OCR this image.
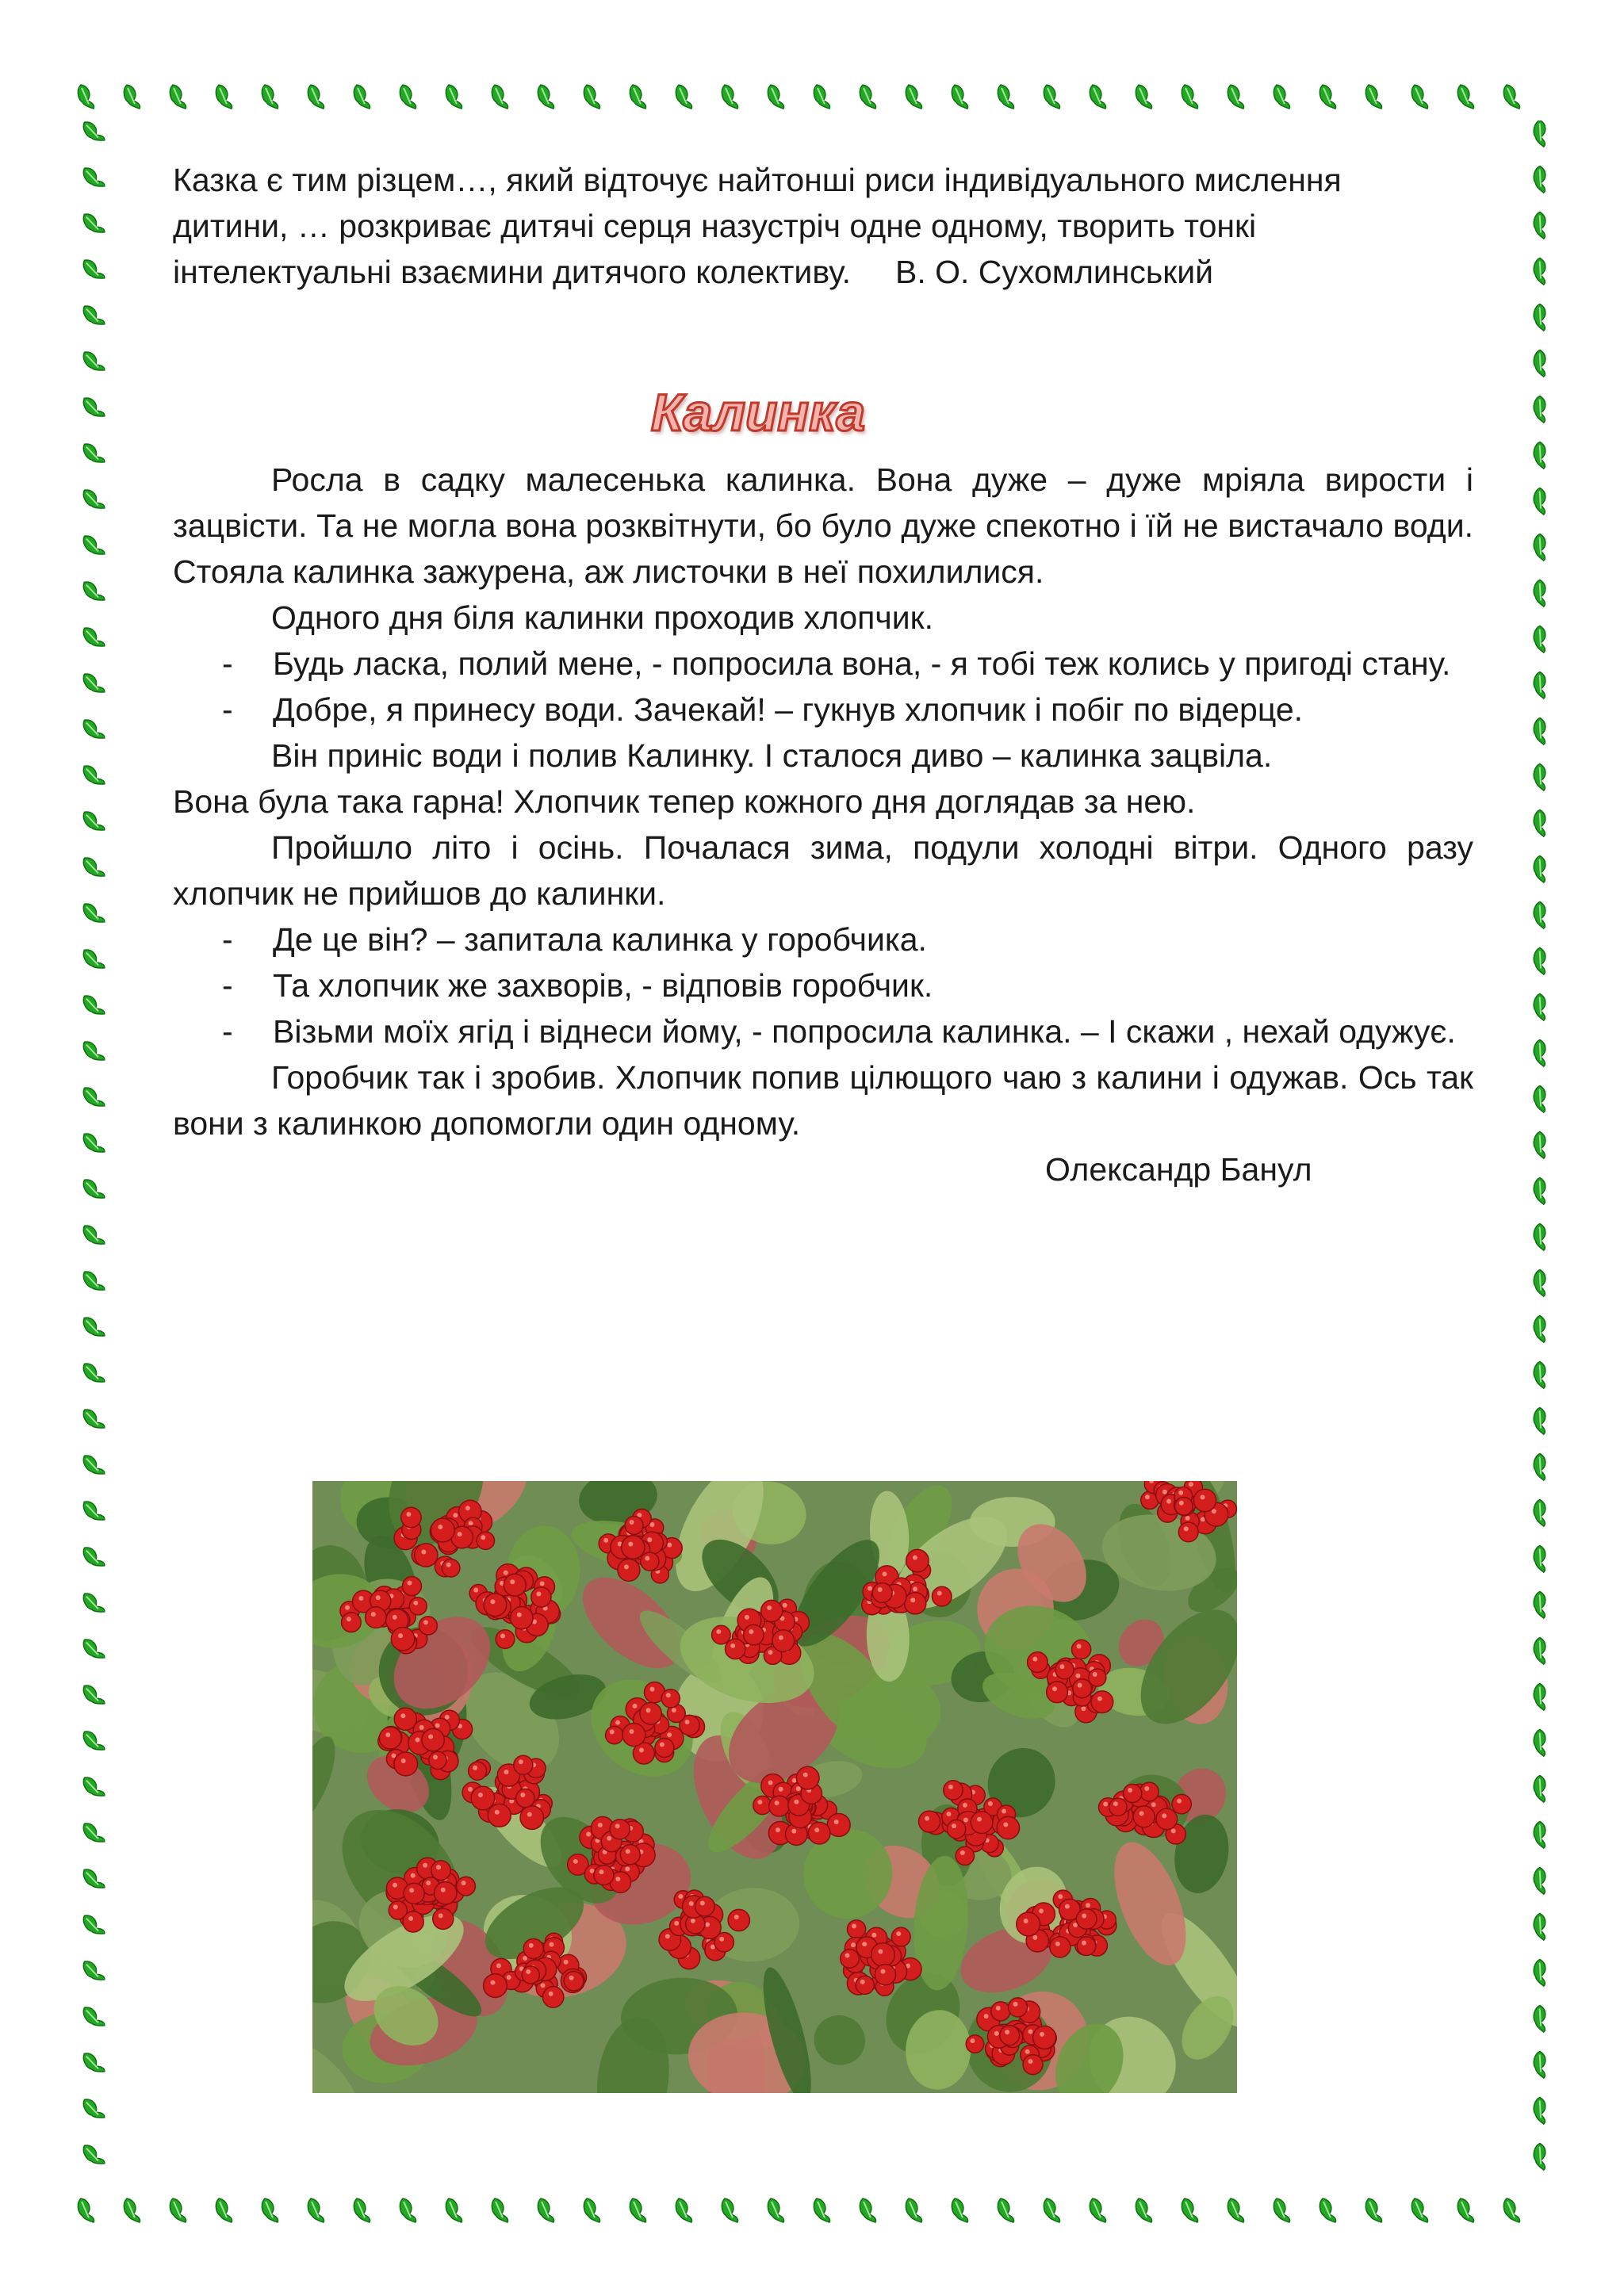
Казка є тим різцем…, який відточує найтонші риси індивідуального мислення
дитини, … розкриває дитячі серця назустріч одне одному, творить тонкі
інтелектуальні взаємини дитячого колективу. В. О. Сухомлинський
Калинка

Росла в садку малесенька калинка. Вона дуже – дуже мріяла вирости і зацвісти. Та не могла вона розквітнути, бо було дуже спекотно і їй не вистачало води. Стояла калинка зажурена, аж листочки в неї похилилися.

Одного дня біля калинки проходив хлопчик.

- Будь ласка, полий мене, - попросила вона, - я тобі теж колись у пригоді стану.

- Добре, я принесу води. Зачекай! – гукнув хлопчик і побіг по відерце.

Він приніс води і полив Калинку. І сталося диво – калинка зацвіла.

Вона була така гарна! Хлопчик тепер кожного дня доглядав за нею.

Пройшло літо і осінь. Почалася зима, подули холодні вітри. Одного разу хлопчик не прийшов до калинки.

- Де це він? – запитала калинка у горобчика.

- Та хлопчик же захворів, - відповів горобчик.

- Візьми моїх ягід і віднеси йому, - попросила калинка. – І скажи , нехай одужує.

Горобчик так і зробив. Хлопчик попив цілющого чаю з калини і одужав. Ось так вони з калинкою допомогли один одному.

Олександр Банул
